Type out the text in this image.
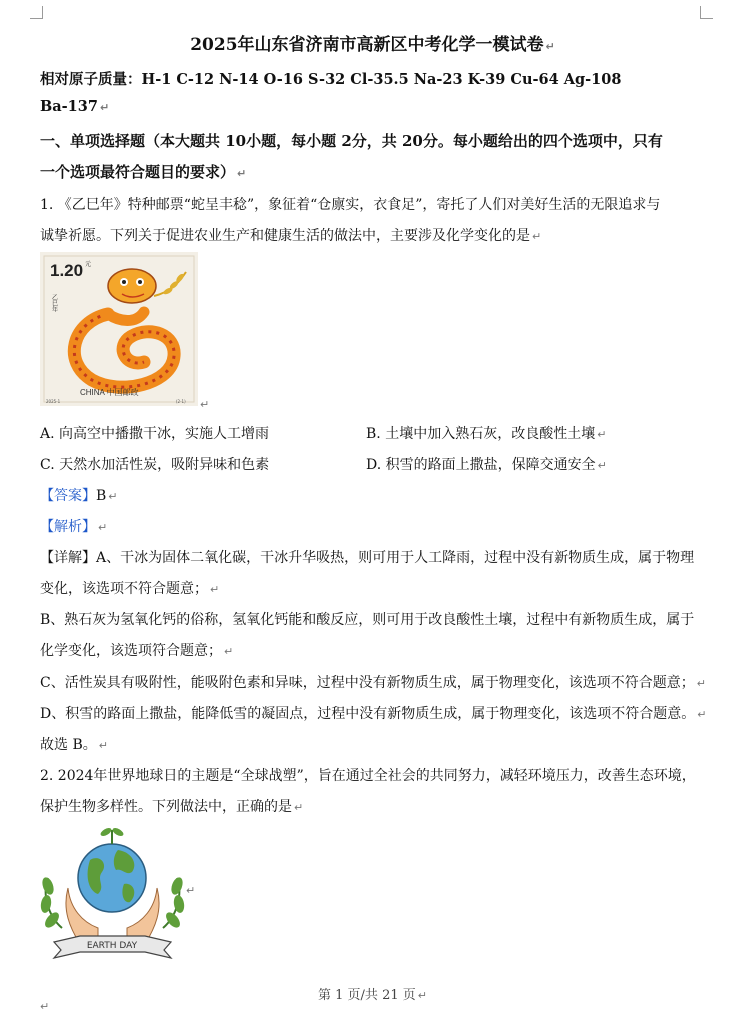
2025年山东省济南市高新区中考化学一模试卷 ↵
相对原子质量：H-1 C-12 N-14 O-16 S-32 Cl-35.5 Na-23 K-39 Cu-64 Ag-108
Ba-137 ↵
一、单项选择题（本大题共 10小题，每小题 2分，共 20分。每小题给出的四个选项中，只有
一个选项最符合题目的要求） ↵
1. 《乙巳年》特种邮票“蛇呈丰稔”，象征着“仓廪实，衣食足”，寄托了人们对美好生活的无限追求与
诚挚祈愿。下列关于促进农业生产和健康生活的做法中，主要涉及化学变化的是 ↵
1.20 元
乙巳年
CHINA 中国邮政
2025-1	(2-1) ↵
A. 向高空中播撒干冰，实施人工增雨	B. 土壤中加入熟石灰，改良酸性土壤 ↵
C. 天然水加活性炭，吸附异味和色素	D. 积雪的路面上撒盐，保障交通安全 ↵
【答案】B ↵
【解析】 ↵
【详解】A、干冰为固体二氧化碳，干冰升华吸热，则可用于人工降雨，过程中没有新物质生成，属于物理
变化，该选项不符合题意； ↵
B、熟石灰为氢氧化钙的俗称，氢氧化钙能和酸反应，则可用于改良酸性土壤，过程中有新物质生成，属于
化学变化，该选项符合题意； ↵
C、活性炭具有吸附性，能吸附色素和异味，过程中没有新物质生成，属于物理变化，该选项不符合题意； ↵
D、积雪的路面上撒盐，能降低雪的凝固点，过程中没有新物质生成，属于物理变化，该选项不符合题意。 ↵
故选 B。 ↵
2. 2024年世界地球日的主题是“全球战塑”，旨在通过全社会的共同努力，减轻环境压力，改善生态环境，
保护生物多样性。下列做法中，正确的是 ↵
EARTH DAY
↵
第 1 页/共 21 页 ↵
↵
